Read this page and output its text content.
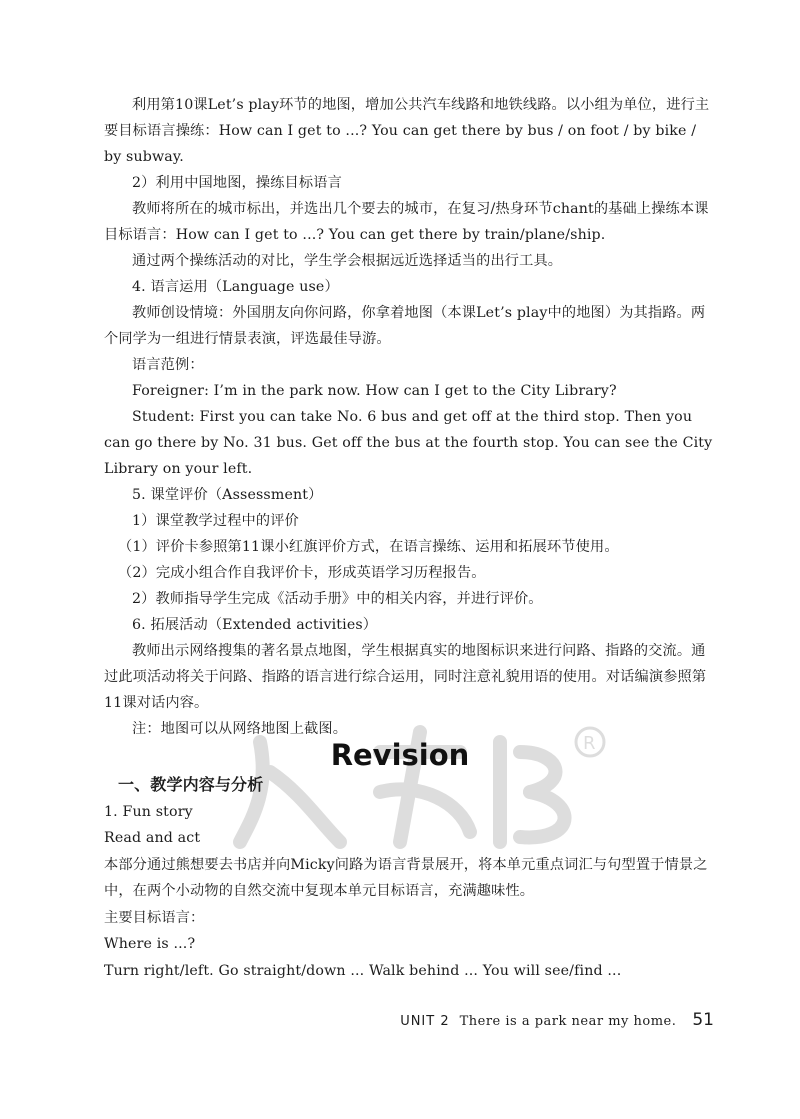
利用第10课Let’s play环节的地图，增加公共汽车线路和地铁线路。以小组为单位，进行主要目标语言操练：How can I get to ...? You can get there by bus / on foot / by bike / by subway.

2）利用中国地图，操练目标语言

教师将所在的城市标出，并选出几个要去的城市，在复习/热身环节chant的基础上操练本课目标语言：How can I get to ...? You can get there by train/plane/ship.

通过两个操练活动的对比，学生学会根据远近选择适当的出行工具。

4. 语言运用（Language use）

教师创设情境：外国朋友向你问路，你拿着地图（本课Let’s play中的地图）为其指路。两个同学为一组进行情景表演，评选最佳导游。

语言范例：

Foreigner: I’m in the park now. How can I get to the City Library?

Student: First you can take No. 6 bus and get off at the third stop. Then you can go there by No. 31 bus. Get off the bus at the fourth stop. You can see the City Library on your left.

5. 课堂评价（Assessment）

1）课堂教学过程中的评价

（1）评价卡参照第11课小红旗评价方式，在语言操练、运用和拓展环节使用。

（2）完成小组合作自我评价卡，形成英语学习历程报告。

2）教师指导学生完成《活动手册》中的相关内容，并进行评价。

6. 拓展活动（Extended activities）

教师出示网络搜集的著名景点地图，学生根据真实的地图标识来进行问路、指路的交流。通过此项活动将关于问路、指路的语言进行综合运用，同时注意礼貌用语的使用。对话编演参照第11课对话内容。

注：地图可以从网络地图上截图。

R
Revision

一、教学内容与分析

1. Fun story

Read and act

本部分通过熊想要去书店并向Micky问路为语言背景展开，将本单元重点词汇与句型置于情景之中，在两个小动物的自然交流中复现本单元目标语言，充满趣味性。

主要目标语言：

Where is ...?

Turn right/left. Go straight/down ... Walk behind ... You will see/find ...

UNIT 2 There is a park near my home. 51
